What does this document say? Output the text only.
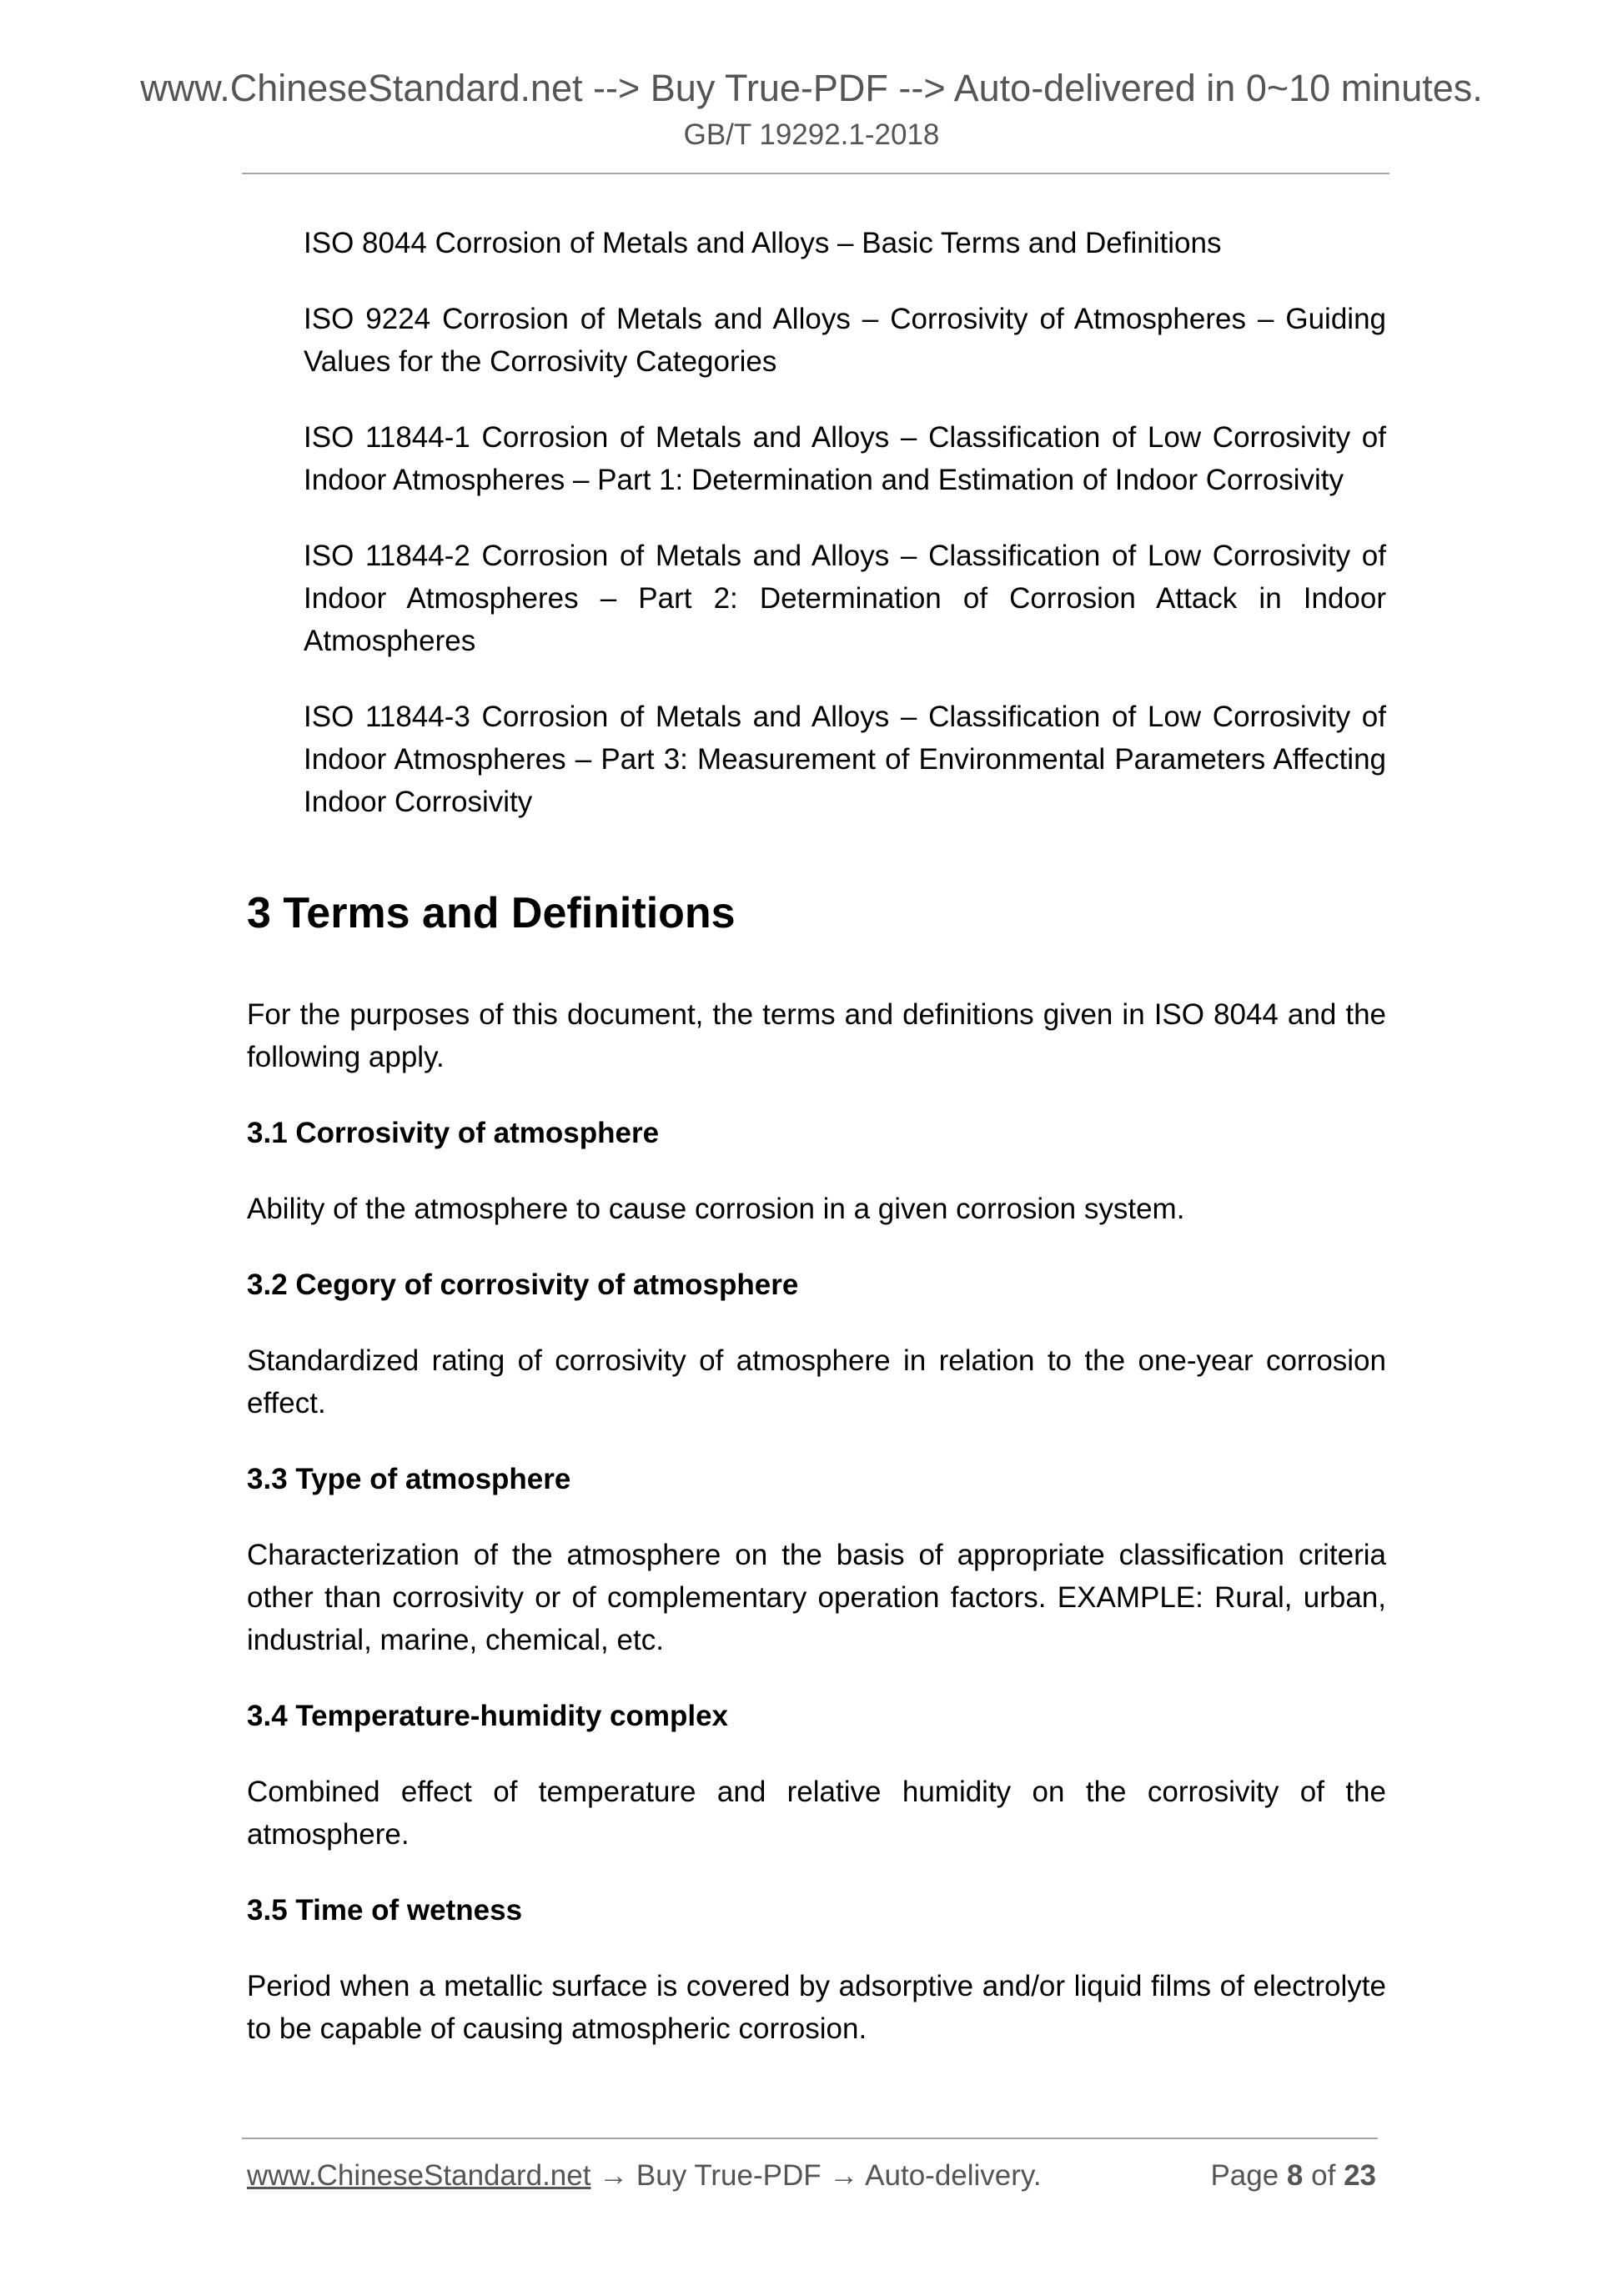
www.ChineseStandard.net --> Buy True-PDF --> Auto-delivered in 0~10 minutes.
GB/T 19292.1-2018

ISO 8044 Corrosion of Metals and Alloys – Basic Terms and Definitions

ISO 9224 Corrosion of Metals and Alloys – Corrosivity of Atmospheres – Guiding Values for the Corrosivity Categories

ISO 11844-1 Corrosion of Metals and Alloys – Classification of Low Corrosivity of Indoor Atmospheres – Part 1: Determination and Estimation of Indoor Corrosivity

ISO 11844-2 Corrosion of Metals and Alloys – Classification of Low Corrosivity of Indoor Atmospheres – Part 2: Determination of Corrosion Attack in Indoor Atmospheres

ISO 11844-3 Corrosion of Metals and Alloys – Classification of Low Corrosivity of Indoor Atmospheres – Part 3: Measurement of Environmental Parameters Affecting Indoor Corrosivity

3 Terms and Definitions

For the purposes of this document, the terms and definitions given in ISO 8044 and the following apply.

3.1 Corrosivity of atmosphere

Ability of the atmosphere to cause corrosion in a given corrosion system.

3.2 Cegory of corrosivity of atmosphere

Standardized rating of corrosivity of atmosphere in relation to the one-year corrosion effect.

3.3 Type of atmosphere

Characterization of the atmosphere on the basis of appropriate classification criteria other than corrosivity or of complementary operation factors. EXAMPLE: Rural, urban, industrial, marine, chemical, etc.

3.4 Temperature-humidity complex

Combined effect of temperature and relative humidity on the corrosivity of the atmosphere.

3.5 Time of wetness

Period when a metallic surface is covered by adsorptive and/or liquid films of electrolyte to be capable of causing atmospheric corrosion.

www.ChineseStandard.net → Buy True-PDF → Auto-delivery.	Page 8 of 23
